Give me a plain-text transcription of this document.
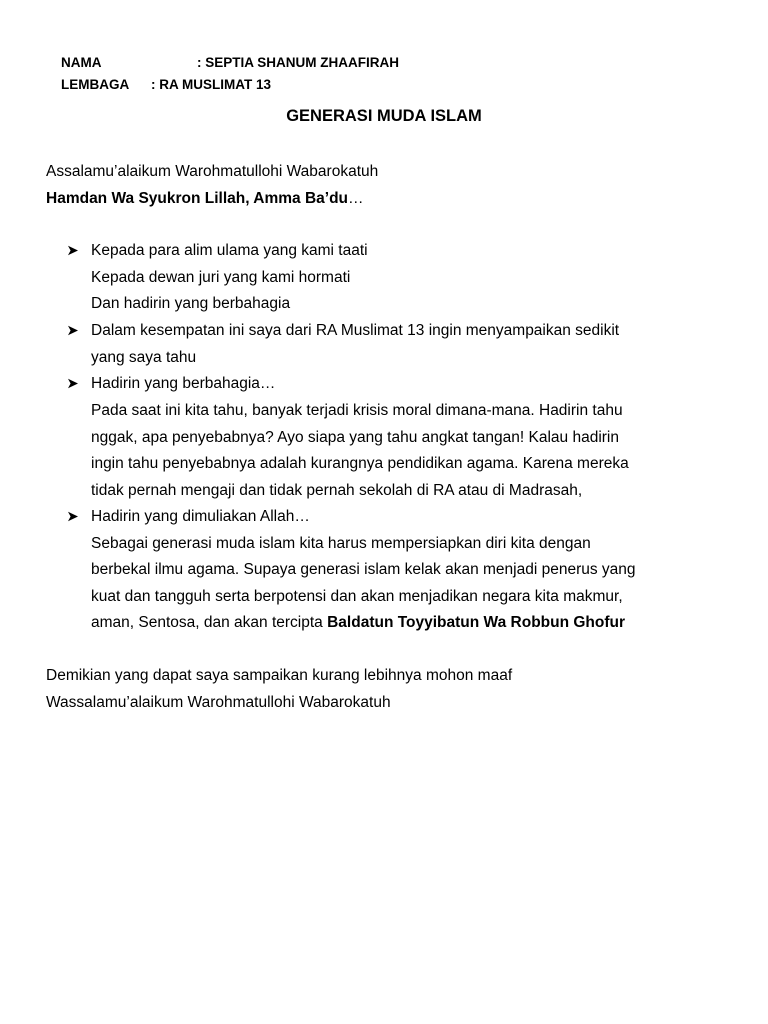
NAMA	: SEPTIA SHANUM ZHAAFIRAH

LEMBAGA : RA MUSLIMAT 13

GENERASI MUDA ISLAM
Assalamu’alaikum Warohmatullohi Wabarokatuh
Hamdan Wa Syukron Lillah, Amma Ba’du…
Kepada para alim ulama yang kami taati
Kepada dewan juri yang kami hormati
Dan hadirin yang berbahagia
Dalam kesempatan ini saya dari RA Muslimat 13 ingin menyampaikan sedikit
yang saya tahu
Hadirin yang berbahagia…
Pada saat ini kita tahu, banyak terjadi krisis moral dimana-mana. Hadirin tahu
nggak, apa penyebabnya? Ayo siapa yang tahu angkat tangan! Kalau hadirin
ingin tahu penyebabnya adalah kurangnya pendidikan agama. Karena mereka
tidak pernah mengaji dan tidak pernah sekolah di RA atau di Madrasah,
Hadirin yang dimuliakan Allah…
Sebagai generasi muda islam kita harus mempersiapkan diri kita dengan
berbekal ilmu agama. Supaya generasi islam kelak akan menjadi penerus yang
kuat dan tangguh serta berpotensi dan akan menjadikan negara kita makmur,
aman, Sentosa, dan akan tercipta Baldatun Toyyibatun Wa Robbun Ghofur
Demikian yang dapat saya sampaikan kurang lebihnya mohon maaf
Wassalamu’alaikum Warohmatullohi Wabarokatuh
